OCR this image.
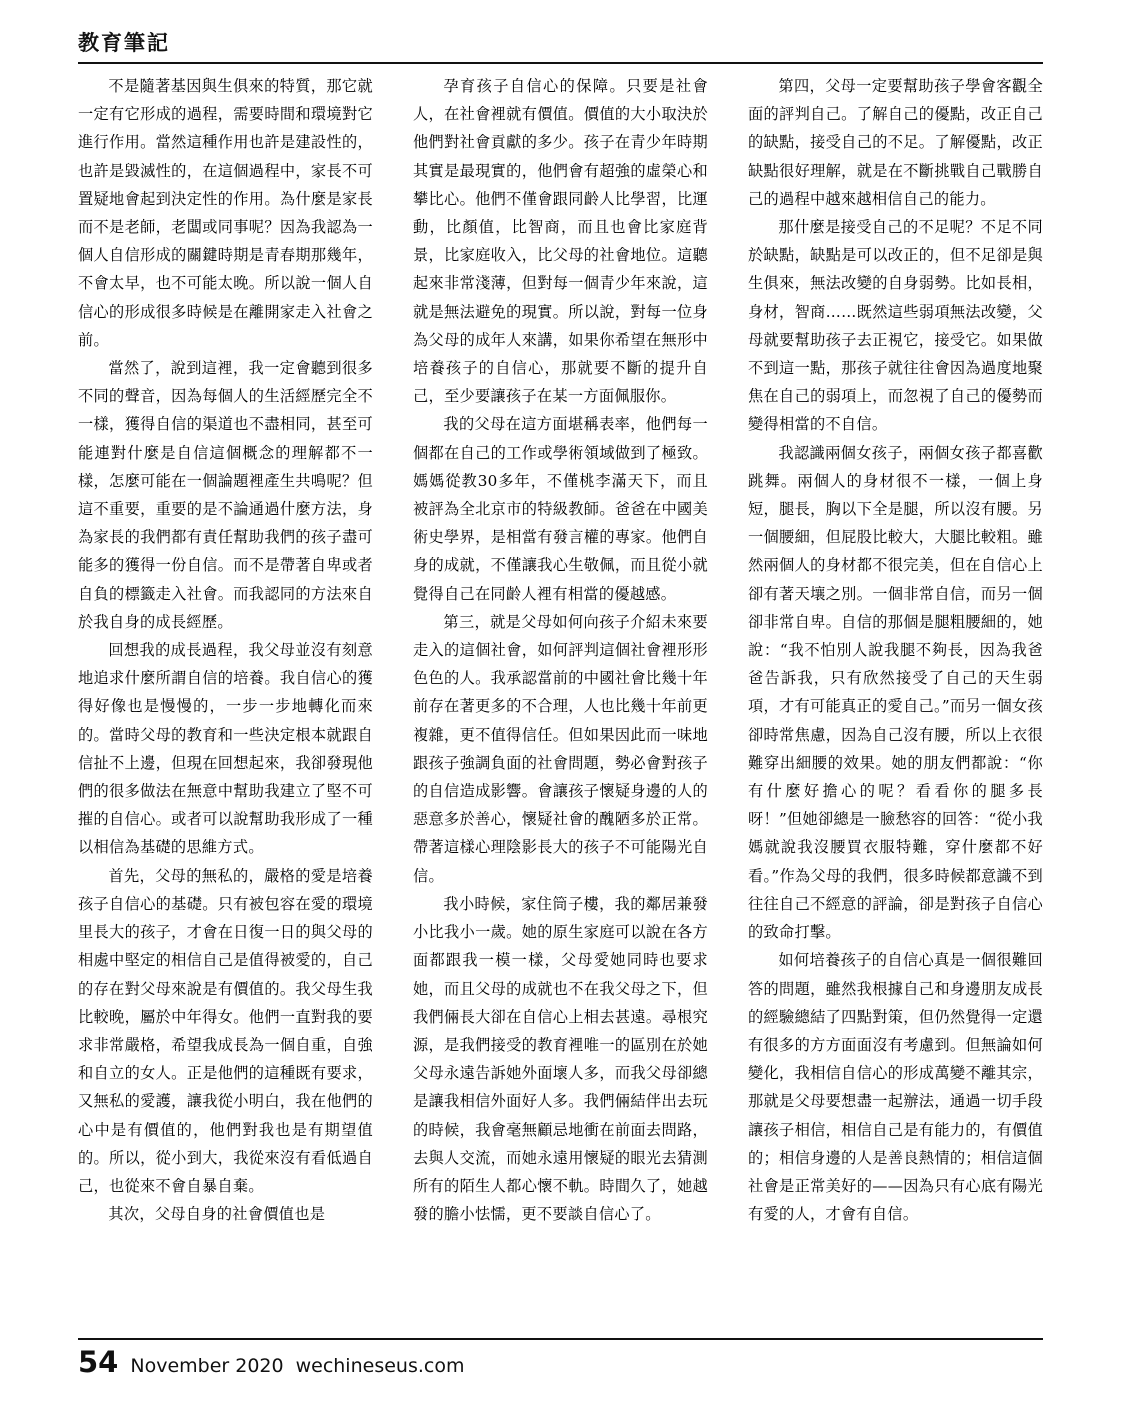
教育筆記

不是隨著基因與生俱來的特質，那它就一定有它形成的過程，需要時間和環境對它進行作用。當然這種作用也許是建設性的，也許是毀滅性的，在這個過程中，家長不可置疑地會起到決定性的作用。為什麼是家長而不是老師，老闆或同事呢？因為我認為一個人自信形成的關鍵時期是青春期那幾年，不會太早，也不可能太晚。所以說一個人自信心的形成很多時候是在離開家走入社會之前。

當然了，說到這裡，我一定會聽到很多不同的聲音，因為每個人的生活經歷完全不一樣，獲得自信的渠道也不盡相同，甚至可能連對什麼是自信這個概念的理解都不一樣，怎麼可能在一個論題裡產生共鳴呢？但這不重要，重要的是不論通過什麼方法，身為家長的我們都有責任幫助我們的孩子盡可能多的獲得一份自信。而不是帶著自卑或者自負的標籤走入社會。而我認同的方法來自於我自身的成長經歷。

回想我的成長過程，我父母並沒有刻意地追求什麼所謂自信的培養。我自信心的獲得好像也是慢慢的，一步一步地轉化而來的。當時父母的教育和一些決定根本就跟自信扯不上邊，但現在回想起來，我卻發現他們的很多做法在無意中幫助我建立了堅不可摧的自信心。或者可以說幫助我形成了一種以相信為基礎的思維方式。

首先，父母的無私的，嚴格的愛是培養孩子自信心的基礎。只有被包容在愛的環境里長大的孩子，才會在日復一日的與父母的相處中堅定的相信自己是值得被愛的，自己的存在對父母來說是有價值的。我父母生我比較晚，屬於中年得女。他們一直對我的要求非常嚴格，希望我成長為一個自重，自強和自立的女人。正是他們的這種既有要求，又無私的愛護，讓我從小明白，我在他們的心中是有價值的，他們對我也是有期望值的。所以，從小到大，我從來沒有看低過自己，也從來不會自暴自棄。

其次，父母自身的社會價值也是

孕育孩子自信心的保障。只要是社會人，在社會裡就有價值。價值的大小取決於他們對社會貢獻的多少。孩子在青少年時期其實是最現實的，他們會有超強的虛榮心和攀比心。他們不僅會跟同齡人比學習，比運動，比顏值，比智商，而且也會比家庭背景，比家庭收入，比父母的社會地位。這聽起來非常淺薄，但對每一個青少年來說，這就是無法避免的現實。所以說，對每一位身為父母的成年人來講，如果你希望在無形中培養孩子的自信心，那就要不斷的提升自己，至少要讓孩子在某一方面佩服你。

我的父母在這方面堪稱表率，他們每一個都在自己的工作或學術領域做到了極致。媽媽從教30多年，不僅桃李滿天下，而且被評為全北京市的特級教師。爸爸在中國美術史學界，是相當有發言權的專家。他們自身的成就，不僅讓我心生敬佩，而且從小就覺得自己在同齡人裡有相當的優越感。

第三，就是父母如何向孩子介紹未來要走入的這個社會，如何評判這個社會裡形形色色的人。我承認當前的中國社會比幾十年前存在著更多的不合理，人也比幾十年前更複雜，更不值得信任。但如果因此而一味地跟孩子強調負面的社會問題，勢必會對孩子的自信造成影響。會讓孩子懷疑身邊的人的惡意多於善心，懷疑社會的醜陋多於正常。帶著這樣心理陰影長大的孩子不可能陽光自信。

我小時候，家住筒子樓，我的鄰居兼發小比我小一歲。她的原生家庭可以說在各方面都跟我一模一樣，父母愛她同時也要求她，而且父母的成就也不在我父母之下，但我們倆長大卻在自信心上相去甚遠。尋根究源，是我們接受的教育裡唯一的區別在於她父母永遠告訴她外面壞人多，而我父母卻總是讓我相信外面好人多。我們倆結伴出去玩的時候，我會毫無顧忌地衝在前面去問路，去與人交流，而她永遠用懷疑的眼光去猜測所有的陌生人都心懷不軌。時間久了，她越發的膽小怯懦，更不要談自信心了。

第四，父母一定要幫助孩子學會客觀全面的評判自己。了解自己的優點，改正自己的缺點，接受自己的不足。了解優點，改正缺點很好理解，就是在不斷挑戰自己戰勝自己的過程中越來越相信自己的能力。

那什麼是接受自己的不足呢？不足不同於缺點，缺點是可以改正的，但不足卻是與生俱來，無法改變的自身弱勢。比如長相，身材，智商……既然這些弱項無法改變，父母就要幫助孩子去正視它，接受它。如果做不到這一點，那孩子就往往會因為過度地聚焦在自己的弱項上，而忽視了自己的優勢而變得相當的不自信。

我認識兩個女孩子，兩個女孩子都喜歡跳舞。兩個人的身材很不一樣，一個上身短，腿長，胸以下全是腿，所以沒有腰。另一個腰細，但屁股比較大，大腿比較粗。雖然兩個人的身材都不很完美，但在自信心上卻有著天壤之別。一個非常自信，而另一個卻非常自卑。自信的那個是腿粗腰細的，她說：“我不怕別人說我腿不夠長，因為我爸爸告訴我，只有欣然接受了自己的天生弱項，才有可能真正的愛自己。”而另一個女孩卻時常焦慮，因為自己沒有腰，所以上衣很難穿出細腰的效果。她的朋友們都說：“你有什麼好擔心的呢？看看你的腿多長呀！”但她卻總是一臉愁容的回答：“從小我媽就說我沒腰買衣服特難，穿什麼都不好看。”作為父母的我們，很多時候都意識不到往往自己不經意的評論，卻是對孩子自信心的致命打擊。

如何培養孩子的自信心真是一個很難回答的問題，雖然我根據自己和身邊朋友成長的經驗總結了四點對策，但仍然覺得一定還有很多的方方面面沒有考慮到。但無論如何變化，我相信自信心的形成萬變不離其宗，那就是父母要想盡一起辦法，通過一切手段讓孩子相信，相信自己是有能力的，有價值的；相信身邊的人是善良熱情的；相信這個社會是正常美好的——因為只有心底有陽光有愛的人，才會有自信。

54 November 2020 wechineseus.com
